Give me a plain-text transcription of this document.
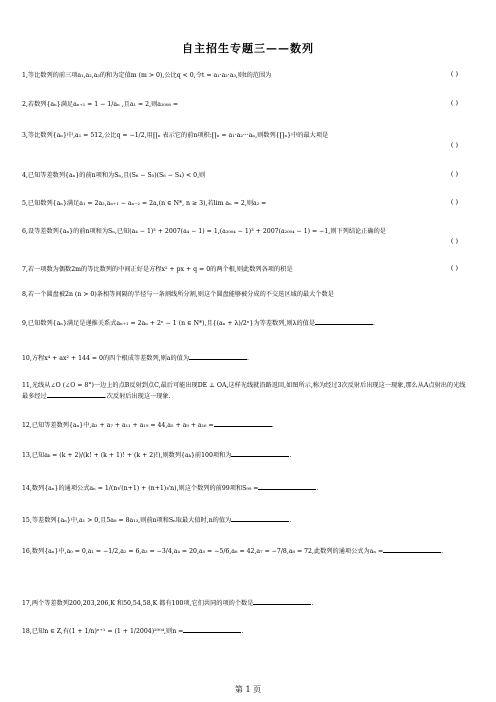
自主招生专题三——数列
1,等比数列的前三项a₁,a₂,a₃的和为定值m (m > 0),公比q < 0,令t = a₁·a₂·a₃,则t的范围为	( )
2,若数列{aₙ}满足aₙ₊₁ = 1 − 1/aₙ ,且a₁ = 2,则a₂₀₀₈ =	( )
3,等比数列{aₙ}中,a₁ = 512,公比q = −1/2,用∏ₙ 表示它的前n项积:∏ₙ = a₁·a₂···aₙ,则数列{∏ₙ}中的最大项是
( )
4,已知等差数列{aₙ}的前n项和为Sₙ,且(S₆ − S₅)(S₆ − S₄) < 0,则	( )
5,已知数列{aₙ}满足a₁ = 2a₂,aₙ₊₁ − aₙ₋₂ = 2a,(n ∈ N*, n ≥ 3),若lim aₙ = 2,则a₂ =	( )
6,设等差数列{aₙ}的前n项和为Sₙ,已知(a₄ − 1)³ + 2007(a₄ − 1) = 1,(a₂₀₀₄ − 1)³ + 2007(a₂₀₀₄ − 1) = −1,则下列结论正确的是
( )
7,若一项数为偶数2m的等比数列的中间正好是方程x² + px + q = 0的两个根,则此数列各项的积是	( )
8,若一个圆盘被2n (n > 0)条相等间隔的半径与一条割线所分割,则这个圆盘能够被分成的不交迭区域的最大个数是
9,已知数列{aₙ}满足是递推关系式aₙ₊₁ = 2aₙ + 2ⁿ − 1 (n ∈ N*),且{(aₙ + λ)/2ⁿ}为等差数列,则λ的值是	.
10,方程x⁴ + ax² + 144 = 0的四个根成等差数列,则a的值为	.
11,光线从∠O (∠O = 8°)一边上的点B反射到点C,最后可能出现DE ⊥ OA,这样光线就沿路返回,如图所示,称为经过3次反射后出现这一现象,那么从A点射出的光线最多经过	.次反射后出现这一现象.
12,已知等差数列{aₙ}中,a₃ + a₇ + a₁₁ + a₁₉ = 44,a₅ + a₉ + a₁₆ =	.
13,已知aₖ = (k + 2)/(k! + (k + 1)! + (k + 2)!),则数列{aₖ}前100项和为	.
14,数列{aₙ}的通项公式aₙ = 1/(n√(n+1) + (n+1)√n),则这个数列的前99项和S₉₉ =	.
15,等差数列{aₙ}中,a₁ > 0,且5a₈ = 8a₁₃,则前n项和Sₙ取最大值时,n的值为	.
16,数列{aₙ}中,a₀ = 0,a₁ = −1/2,a₂ = 6,a₃ = −3/4,a₄ = 20,a₅ = −5/6,a₆ = 42,a₇ = −7/8,a₈ = 72,此数列的通项公式为aₙ =	.
17,两个等差数列200,203,206,K 和50,54,58,K 都有100项,它们共同的项的个数是	.
18,已知n ∈ Z,有(1 + 1/n)ⁿ⁺¹ = (1 + 1/2004)²⁰⁰⁴,则n =	.
第 1 页
